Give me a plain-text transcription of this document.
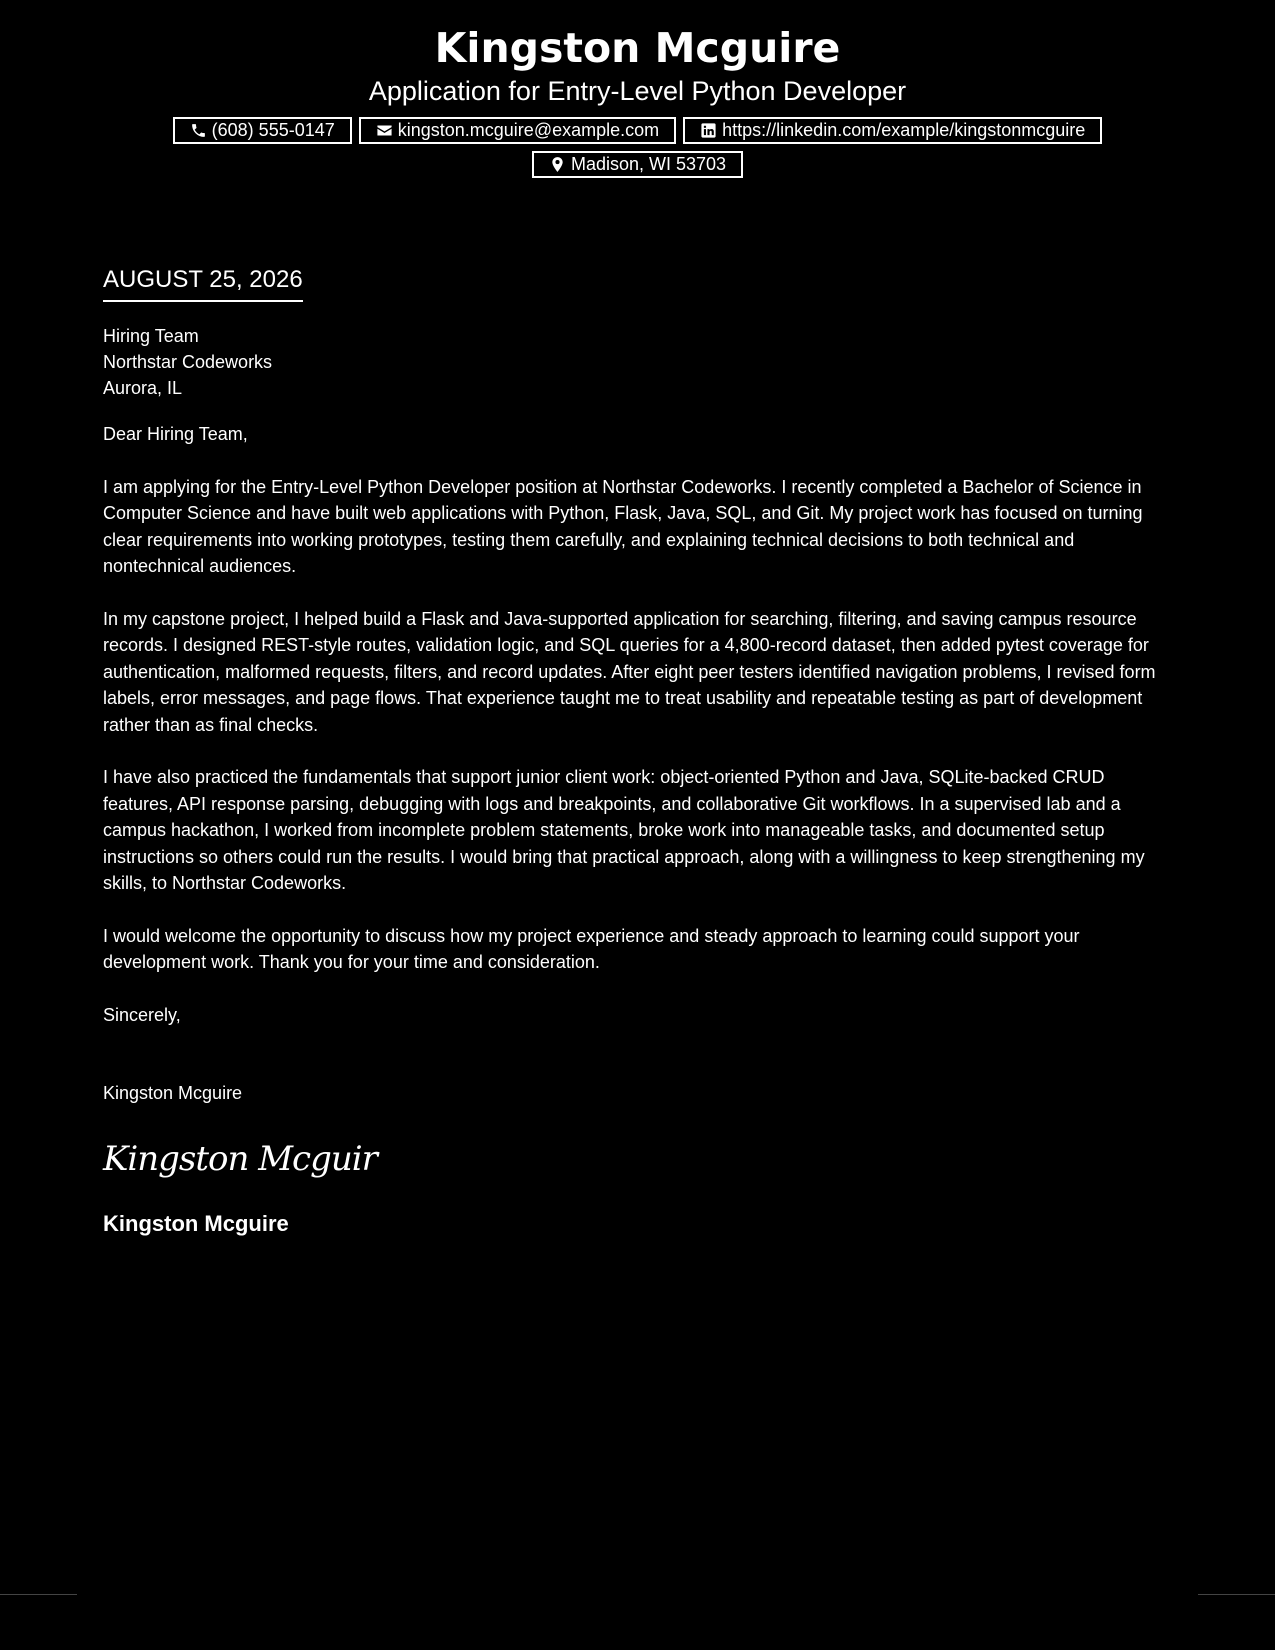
Kingston Mcguire
Application for Entry-Level Python Developer
(608) 555-0147	kingston.mcguire@example.com	https://linkedin.com/example/kingstonmcguire
Madison, WI 53703
AUGUST 25, 2026
Hiring Team
Northstar Codeworks
Aurora, IL

Dear Hiring Team,

I am applying for the Entry-Level Python Developer position at Northstar Codeworks. I recently completed a Bachelor of Science in Computer Science and have built web applications with Python, Flask, Java, SQL, and Git. My project work has focused on turning clear requirements into working prototypes, testing them carefully, and explaining technical decisions to both technical and nontechnical audiences.

In my capstone project, I helped build a Flask and Java-supported application for searching, filtering, and saving campus resource records. I designed REST-style routes, validation logic, and SQL queries for a 4,800-record dataset, then added pytest coverage for authentication, malformed requests, filters, and record updates. After eight peer testers identified navigation problems, I revised form labels, error messages, and page flows. That experience taught me to treat usability and repeatable testing as part of development rather than as final checks.

I have also practiced the fundamentals that support junior client work: object-oriented Python and Java, SQLite-backed CRUD features, API response parsing, debugging with logs and breakpoints, and collaborative Git workflows. In a supervised lab and a campus hackathon, I worked from incomplete problem statements, broke work into manageable tasks, and documented setup instructions so others could run the results. I would bring that practical approach, along with a willingness to keep strengthening my skills, to Northstar Codeworks.

I would welcome the opportunity to discuss how my project experience and steady approach to learning could support your development work. Thank you for your time and consideration.

Sincerely,

Kingston Mcguire

Kingston Mcguir
Kingston Mcguire
